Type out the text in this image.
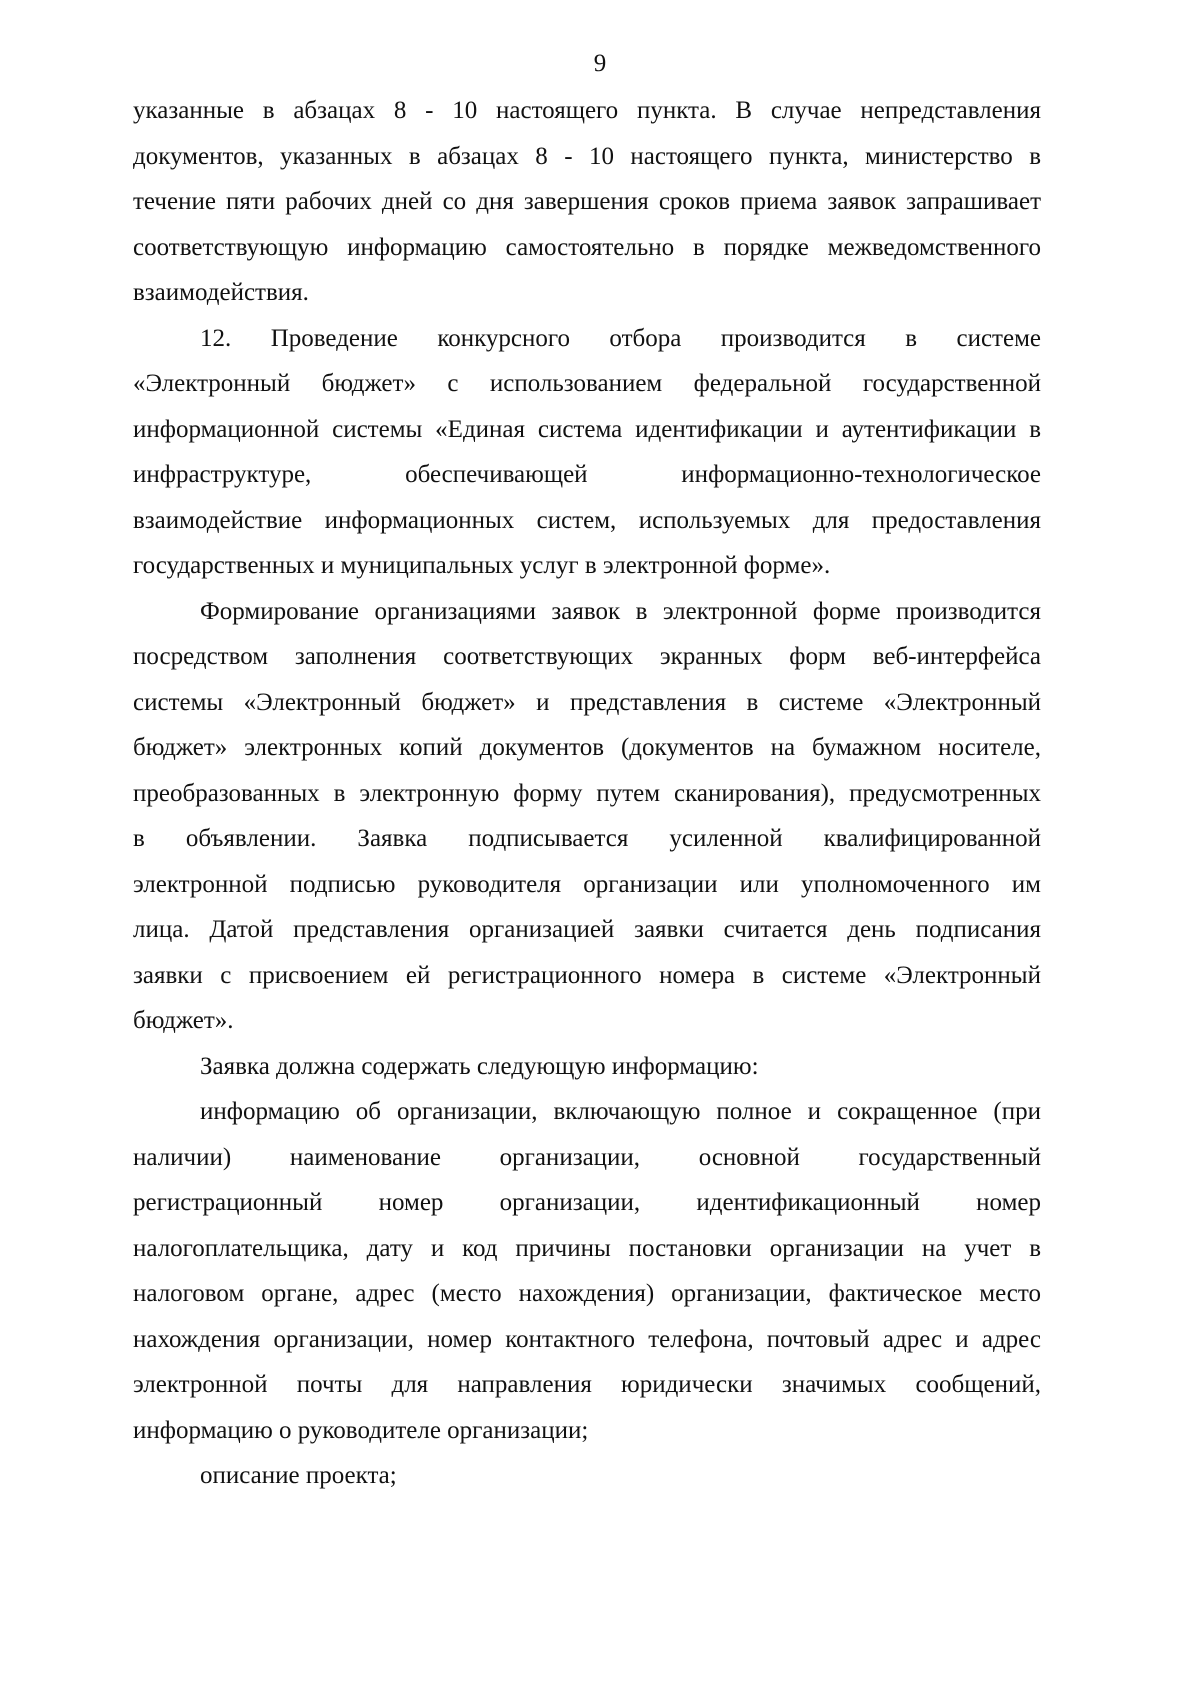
9
указанные в абзацах 8 - 10 настоящего пункта. В случае непредставления
документов, указанных в абзацах 8 - 10 настоящего пункта, министерство в
течение пяти рабочих дней со дня завершения сроков приема заявок запрашивает
соответствующую информацию самостоятельно в порядке межведомственного
взаимодействия.
12. Проведение конкурсного отбора производится в системе
«Электронный бюджет» с использованием федеральной государственной
информационной системы «Единая система идентификации и аутентификации в
инфраструктуре, обеспечивающей информационно-технологическое
взаимодействие информационных систем, используемых для предоставления
государственных и муниципальных услуг в электронной форме».
Формирование организациями заявок в электронной форме производится
посредством заполнения соответствующих экранных форм веб-интерфейса
системы «Электронный бюджет» и представления в системе «Электронный
бюджет» электронных копий документов (документов на бумажном носителе,
преобразованных в электронную форму путем сканирования), предусмотренных
в объявлении. Заявка подписывается усиленной квалифицированной
электронной подписью руководителя организации или уполномоченного им
лица. Датой представления организацией заявки считается день подписания
заявки с присвоением ей регистрационного номера в системе «Электронный
бюджет».
Заявка должна содержать следующую информацию:
информацию об организации, включающую полное и сокращенное (при
наличии) наименование организации, основной государственный
регистрационный номер организации, идентификационный номер
налогоплательщика, дату и код причины постановки организации на учет в
налоговом органе, адрес (место нахождения) организации, фактическое место
нахождения организации, номер контактного телефона, почтовый адрес и адрес
электронной почты для направления юридически значимых сообщений,
информацию о руководителе организации;
описание проекта;
